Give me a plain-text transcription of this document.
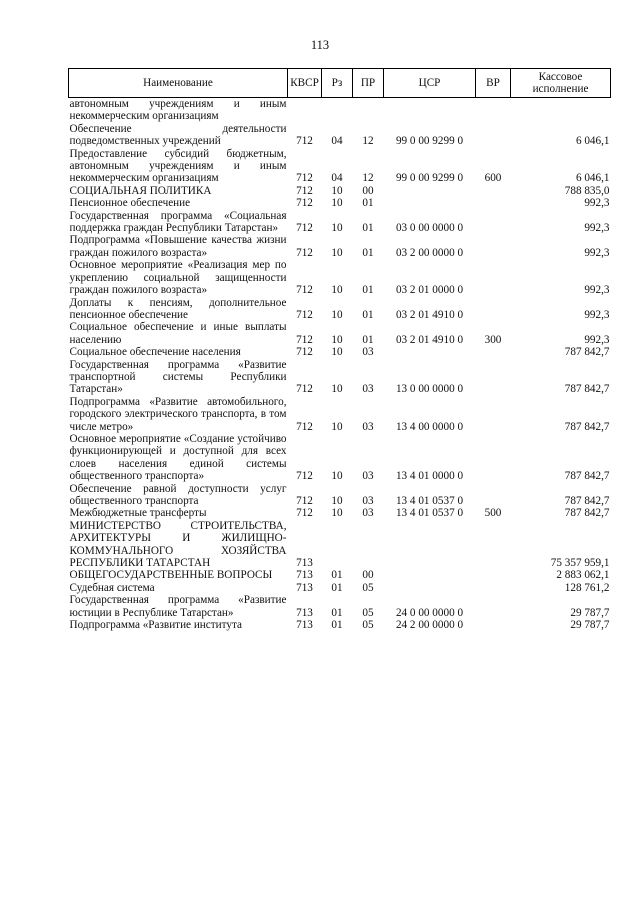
113
Наименование	КВСР	Рз	ПР	ЦСР	ВР	Кассовое исполнение
автономным учреждениям и иным некоммерческим организациям						
Обеспечение деятельности подведомственных учреждений	712	04	12	99 0 00 9299 0		6 046,1
Предоставление субсидий бюджетным, автономным учреждениям и иным некоммерческим организациям	712	04	12	99 0 00 9299 0	600	6 046,1
СОЦИАЛЬНАЯ ПОЛИТИКА	712	10	00			788 835,0
Пенсионное обеспечение	712	10	01			992,3
Государственная программа «Социальная поддержка граждан Республики Татарстан»	712	10	01	03 0 00 0000 0		992,3
Подпрограмма «Повышение качества жизни граждан пожилого возраста»	712	10	01	03 2 00 0000 0		992,3
Основное мероприятие «Реализация мер по укреплению социальной защищенности граждан пожилого возраста»	712	10	01	03 2 01 0000 0		992,3
Доплаты к пенсиям, дополнительное пенсионное обеспечение	712	10	01	03 2 01 4910 0		992,3
Социальное обеспечение и иные выплаты населению	712	10	01	03 2 01 4910 0	300	992,3
Социальное обеспечение населения	712	10	03			787 842,7
Государственная программа «Развитие транспортной системы Республики Татарстан»	712	10	03	13 0 00 0000 0		787 842,7
Подпрограмма «Развитие автомобильного, городского электрического транспорта, в том числе метро»	712	10	03	13 4 00 0000 0		787 842,7
Основное мероприятие «Создание устойчиво функционирующей и доступной для всех слоев населения единой системы общественного транспорта»	712	10	03	13 4 01 0000 0		787 842,7
Обеспечение равной доступности услуг общественного транспорта	712	10	03	13 4 01 0537 0		787 842,7
Межбюджетные трансферты	712	10	03	13 4 01 0537 0	500	787 842,7
МИНИСТЕРСТВО СТРОИТЕЛЬСТВА, АРХИТЕКТУРЫ И ЖИЛИЩНО-КОММУНАЛЬНОГО ХОЗЯЙСТВА РЕСПУБЛИКИ ТАТАРСТАН	713					75 357 959,1
ОБЩЕГОСУДАРСТВЕННЫЕ ВОПРОСЫ	713	01	00			2 883 062,1
Судебная система	713	01	05			128 761,2
Государственная программа «Развитие юстиции в Республике Татарстан»	713	01	05	24 0 00 0000 0		29 787,7
Подпрограмма «Развитие института	713	01	05	24 2 00 0000 0		29 787,7
